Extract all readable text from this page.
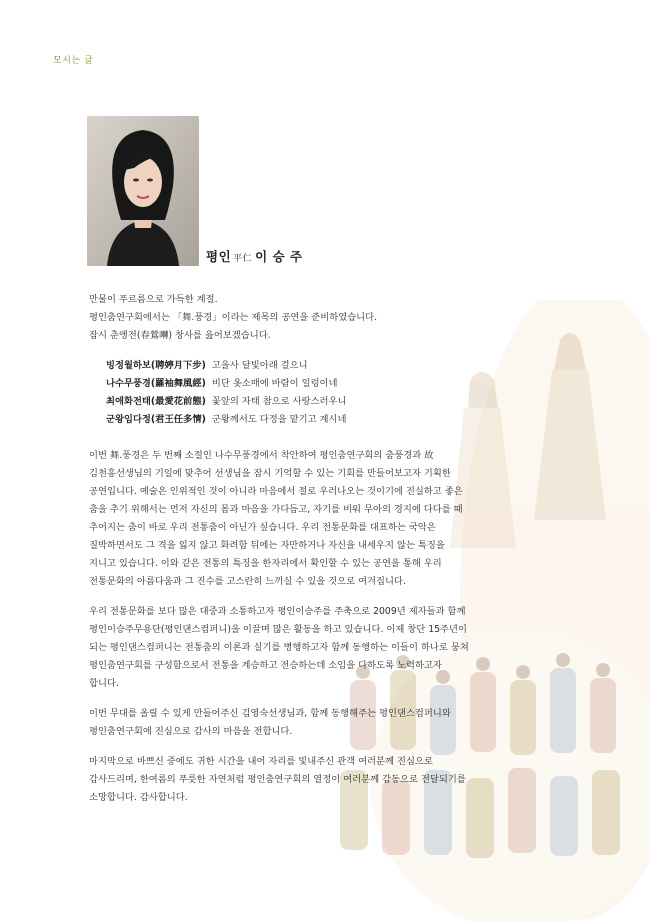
모시는 글
평인 平仁 이 승 주

만물이 푸르름으로 가득한 계절.

평인춤연구회에서는 「舞.풍경」이라는 제목의 공연을 준비하였습니다.

잠시 춘앵전(春鶯囀) 창사를 읊어보겠습니다.

빙정월하보(聘婷月下步) 고을사 달빛아래 걸으니
나수무풍경(羅袖舞風經) 비단 옷소매에 바람이 일렁이네
최애화전태(最愛花前態) 꽃앞의 자태 참으로 사랑스러우니
군왕임다정(君王任多情) 군왕께서도 다정을 맡기고 계시네

이번 舞.풍경은 두 번째 소절인 나수무풍경에서 착안하여 평인춤연구회의 춤풍경과 故

김천흥선생님의 기일에 맞추어 선생님을 잠시 기억할 수 있는 기회를 만들어보고자 기획한

공연입니다. 예술은 인위적인 것이 아니라 마음에서 절로 우러나오는 것이기에 진실하고 좋은

춤을 추기 위해서는 먼저 자신의 몸과 마음을 가다듬고, 자기를 비워 무아의 경지에 다다를 때

추어지는 춤이 바로 우리 전통춤이 아닌가 싶습니다. 우리 전통문화를 대표하는 국악은

질박하면서도 그 격을 잃지 않고 화려함 뒤에는 자만하거나 자신을 내세우지 않는 특징을

지니고 있습니다. 이와 같은 전통의 특징을 한자리에서 확인할 수 있는 공연을 통해 우리

전통문화의 아름다움과 그 진수를 고스란히 느끼실 수 있을 것으로 여겨집니다.

우리 전통문화를 보다 많은 대중과 소통하고자 평인이승주를 주축으로 2009년 제자들과 함께

평인이승주무용단(평인댄스컴퍼니)을 이끌며 많은 활동을 하고 있습니다. 이제 창단 15주년이

되는 평인댄스컴퍼니는 전통춤의 이론과 실기를 병행하고자 함께 동행하는 이들이 하나로 뭉쳐

평인춤연구회를 구성함으로서 전통을 계승하고 전승하는데 소임을 다하도록 노력하고자

합니다.

이번 무대를 올릴 수 있게 만들어주신 김영숙선생님과, 함께 동행해주는 평인댄스컴퍼니와

평인춤연구회에 진심으로 감사의 마음을 전합니다.

마지막으로 바쁘신 중에도 귀한 시간을 내어 자리를 빛내주신 관객 여러분께 진심으로

감사드리며, 한여름의 푸릇한 자연처럼 평인춤연구회의 열정이 여러분께 감동으로 전달되기를

소망합니다. 감사합니다.
